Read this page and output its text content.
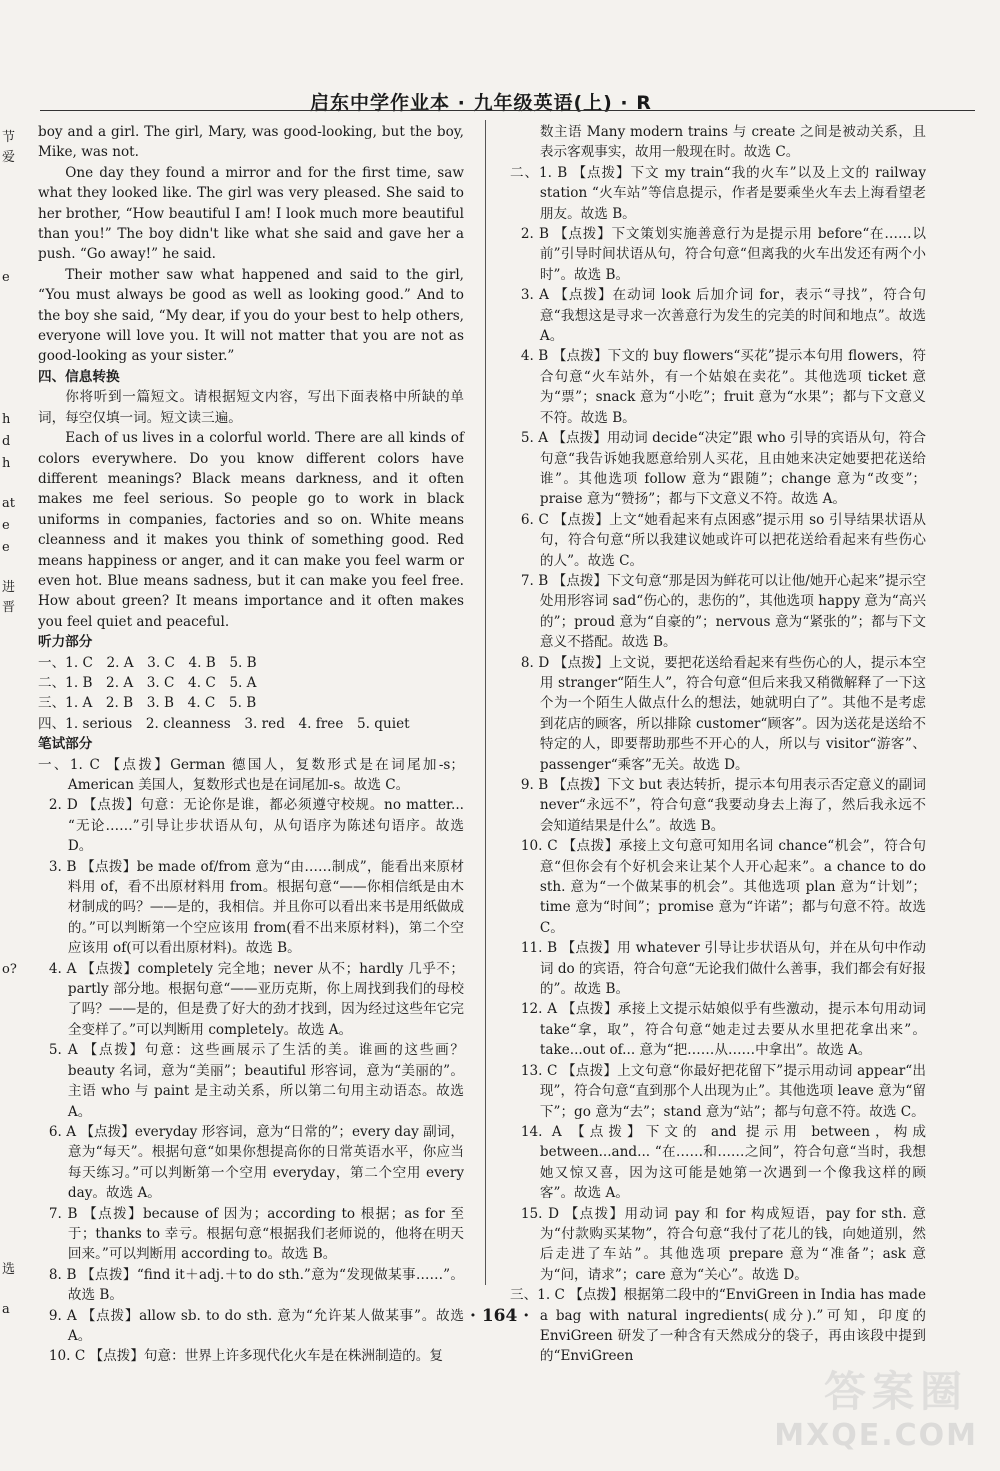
启东中学作业本 · 九年级英语(上) · R
节
爱
e
h
d
h
at
e
e
进
晋
o?
选
a

boy and a girl. The girl, Mary, was good-looking, but the boy, Mike, was not.

One day they found a mirror and for the first time, saw what they looked like. The girl was very pleased. She said to her brother, “How beautiful I am! I look much more beautiful than you!” The boy didn't like what she said and gave her a push. “Go away!” he said.

Their mother saw what happened and said to the girl, “You must always be good as well as looking good.” And to the boy she said, “My dear, if you do your best to help others, everyone will love you. It will not matter that you are not as good-looking as your sister.”

四、信息转换

你将听到一篇短文。请根据短文内容，写出下面表格中所缺的单词，每空仅填一词。短文读三遍。

Each of us lives in a colorful world. There are all kinds of colors everywhere. Do you know different colors have different meanings? Black means darkness, and it often makes me feel serious. So people go to work in black uniforms in companies, factories and so on. White means cleanness and it makes you think of something good. Red means happiness or anger, and it can make you feel warm or even hot. Blue means sadness, but it can make you feel free. How about green? It means importance and it often makes you feel quiet and peaceful.

听力部分

一、1. C　2. A　3. C　4. B　5. B

二、1. B　2. A　3. C　4. C　5. A

三、1. A　2. B　3. B　4. C　5. B

四、1. serious　2. cleanness　3. red　4. free　5. quiet

笔试部分

一、1. C 【点拨】German 德国人，复数形式是在词尾加-s；American 美国人，复数形式也是在词尾加-s。故选 C。

2. D 【点拨】句意：无论你是谁，都必须遵守校规。no matter... “无论……”引导让步状语从句，从句语序为陈述句语序。故选 D。

3. B 【点拨】be made of/from 意为“由……制成”，能看出来原材料用 of，看不出原材料用 from。根据句意“——你相信纸是由木材制成的吗？——是的，我相信。并且你可以看出来书是用纸做成的。”可以判断第一个空应该用 from(看不出来原材料)，第二个空应该用 of(可以看出原材料)。故选 B。

4. A 【点拨】completely 完全地；never 从不；hardly 几乎不；partly 部分地。根据句意“——亚历克斯，你上周找到我们的母校了吗？——是的，但是费了好大的劲才找到，因为经过这些年它完全变样了。”可以判断用 completely。故选 A。

5. A 【点拨】句意：这些画展示了生活的美。谁画的这些画？beauty 名词，意为“美丽”；beautiful 形容词，意为“美丽的”。主语 who 与 paint 是主动关系，所以第二句用主动语态。故选 A。

6. A 【点拨】everyday 形容词，意为“日常的”；every day 副词，意为“每天”。根据句意“如果你想提高你的日常英语水平，你应当每天练习。”可以判断第一个空用 everyday，第二个空用 every day。故选 A。

7. B 【点拨】because of 因为；according to 根据；as for 至于；thanks to 幸亏。根据句意“根据我们老师说的，他将在明天回来。”可以判断用 according to。故选 B。

8. B 【点拨】“find it＋adj.＋to do sth.”意为“发现做某事……”。故选 B。

9. A 【点拨】allow sb. to do sth. 意为“允许某人做某事”。故选 A。

10. C 【点拨】句意：世界上许多现代化火车是在株洲制造的。复

数主语 Many modern trains 与 create 之间是被动关系，且表示客观事实，故用一般现在时。故选 C。

二、1. B 【点拨】下文 my train“我的火车”以及上文的 railway station “火车站”等信息提示，作者是要乘坐火车去上海看望老朋友。故选 B。

2. B 【点拨】下文策划实施善意行为是提示用 before“在……以前”引导时间状语从句，符合句意“但离我的火车出发还有两个小时”。故选 B。

3. A 【点拨】在动词 look 后加介词 for，表示“寻找”，符合句意“我想这是寻求一次善意行为发生的完美的时间和地点”。故选 A。

4. B 【点拨】下文的 buy flowers“买花”提示本句用 flowers，符合句意“火车站外，有一个姑娘在卖花”。其他选项 ticket 意为“票”；snack 意为“小吃”；fruit 意为“水果”；都与下文意义不符。故选 B。

5. A 【点拨】用动词 decide“决定”跟 who 引导的宾语从句，符合句意“我告诉她我愿意给别人买花，且由她来决定她要把花送给谁”。其他选项 follow 意为“跟随”；change 意为“改变”；praise 意为“赞扬”；都与下文意义不符。故选 A。

6. C 【点拨】上文“她看起来有点困惑”提示用 so 引导结果状语从句，符合句意“所以我建议她或许可以把花送给看起来有些伤心的人”。故选 C。

7. B 【点拨】下文句意“那是因为鲜花可以让他/她开心起来”提示空处用形容词 sad“伤心的，悲伤的”，其他选项 happy 意为“高兴的”；proud 意为“自豪的”；nervous 意为“紧张的”；都与下文意义不搭配。故选 B。

8. D 【点拨】上文说，要把花送给看起来有些伤心的人，提示本空用 stranger“陌生人”，符合句意“但后来我又稍微解释了一下这个为一个陌生人做点什么的想法，她就明白了”。其他不是考虑到花店的顾客，所以排除 customer“顾客”。因为送花是送给不特定的人，即要帮助那些不开心的人，所以与 visitor“游客”、passenger“乘客”无关。故选 D。

9. B 【点拨】下文 but 表达转折，提示本句用表示否定意义的副词 never“永远不”，符合句意“我要动身去上海了，然后我永远不会知道结果是什么”。故选 B。

10. C 【点拨】承接上文句意可知用名词 chance“机会”，符合句意“但你会有个好机会来让某个人开心起来”。a chance to do sth. 意为“一个做某事的机会”。其他选项 plan 意为“计划”；time 意为“时间”；promise 意为“许诺”；都与句意不符。故选 C。

11. B 【点拨】用 whatever 引导让步状语从句，并在从句中作动词 do 的宾语，符合句意“无论我们做什么善事，我们都会有好报的”。故选 B。

12. A 【点拨】承接上文提示姑娘似乎有些激动，提示本句用动词 take“拿，取”，符合句意“她走过去要从水里把花拿出来”。take...out of... 意为“把……从……中拿出”。故选 A。

13. C 【点拨】上文句意“你最好把花留下”提示用动词 appear“出现”，符合句意“直到那个人出现为止”。其他选项 leave 意为“留下”；go 意为“去”；stand 意为“站”；都与句意不符。故选 C。

14. A 【点拨】下文的 and 提示用 between，构成 between...and... “在……和……之间”，符合句意“当时，我想她又惊又喜，因为这可能是她第一次遇到一个像我这样的顾客”。故选 A。

15. D 【点拨】用动词 pay 和 for 构成短语，pay for sth. 意为“付款购买某物”，符合句意“我付了花儿的钱，向她道别，然后走进了车站”。其他选项 prepare 意为“准备”；ask 意为“问，请求”；care 意为“关心”。故选 D。

三、1. C 【点拨】根据第二段中的“EnviGreen in India has made a bag with natural ingredients(成分).”可知，印度的 EnviGreen 研发了一种含有天然成分的袋子，再由该段中提到的“EnviGreen

· 164 ·
答案圈
MXQE.COM
